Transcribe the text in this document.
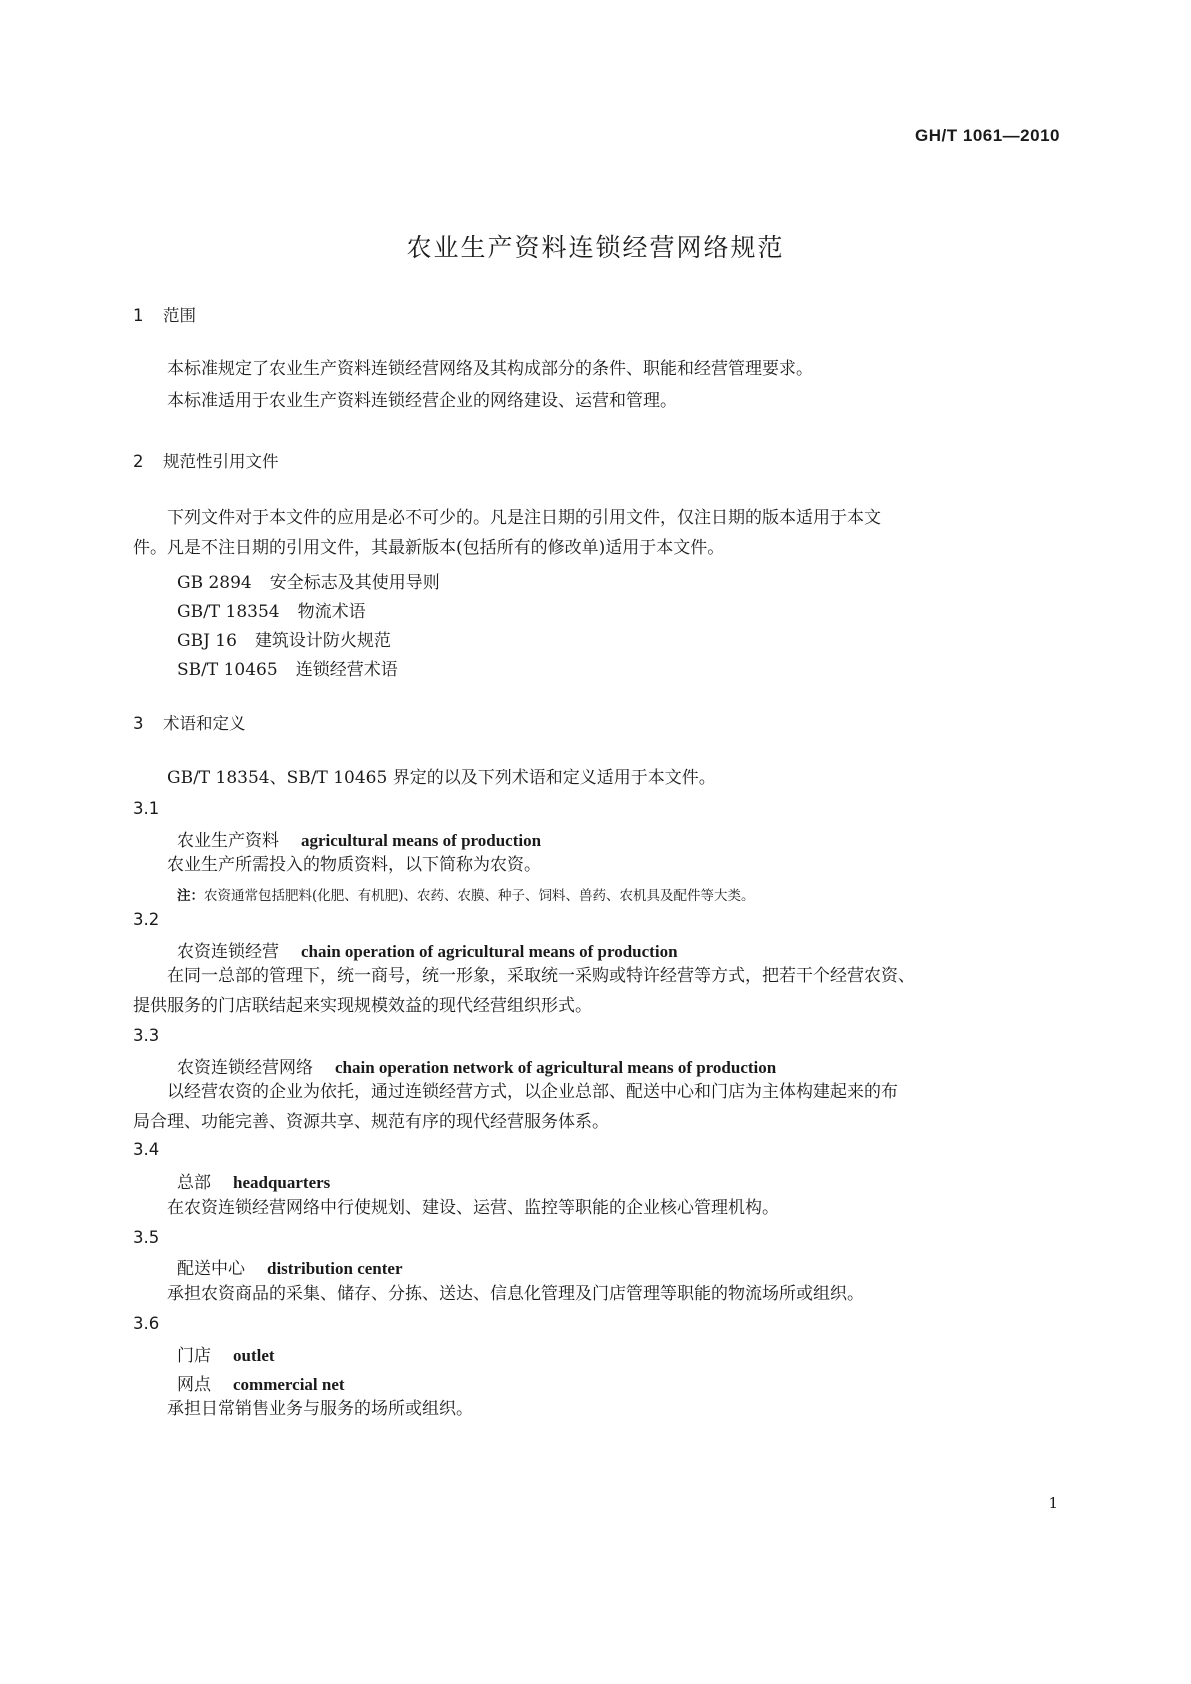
GH/T 1061—2010
农业生产资料连锁经营网络规范
1 范围
本标准规定了农业生产资料连锁经营网络及其构成部分的条件、职能和经营管理要求。
本标准适用于农业生产资料连锁经营企业的网络建设、运营和管理。
2 规范性引用文件
下列文件对于本文件的应用是必不可少的。凡是注日期的引用文件，仅注日期的版本适用于本文
件。凡是不注日期的引用文件，其最新版本(包括所有的修改单)适用于本文件。
GB 2894 安全标志及其使用导则
GB/T 18354 物流术语
GBJ 16 建筑设计防火规范
SB/T 10465 连锁经营术语
3 术语和定义
GB/T 18354、SB/T 10465 界定的以及下列术语和定义适用于本文件。
3.1
农业生产资料 agricultural means of production
农业生产所需投入的物质资料，以下简称为农资。
注：农资通常包括肥料(化肥、有机肥)、农药、农膜、种子、饲料、兽药、农机具及配件等大类。
3.2
农资连锁经营 chain operation of agricultural means of production
在同一总部的管理下，统一商号，统一形象，采取统一采购或特许经营等方式，把若干个经营农资、
提供服务的门店联结起来实现规模效益的现代经营组织形式。
3.3
农资连锁经营网络 chain operation network of agricultural means of production
以经营农资的企业为依托，通过连锁经营方式，以企业总部、配送中心和门店为主体构建起来的布
局合理、功能完善、资源共享、规范有序的现代经营服务体系。
3.4
总部 headquarters
在农资连锁经营网络中行使规划、建设、运营、监控等职能的企业核心管理机构。
3.5
配送中心 distribution center
承担农资商品的采集、储存、分拣、送达、信息化管理及门店管理等职能的物流场所或组织。
3.6
门店 outlet
网点 commercial net
承担日常销售业务与服务的场所或组织。
1
